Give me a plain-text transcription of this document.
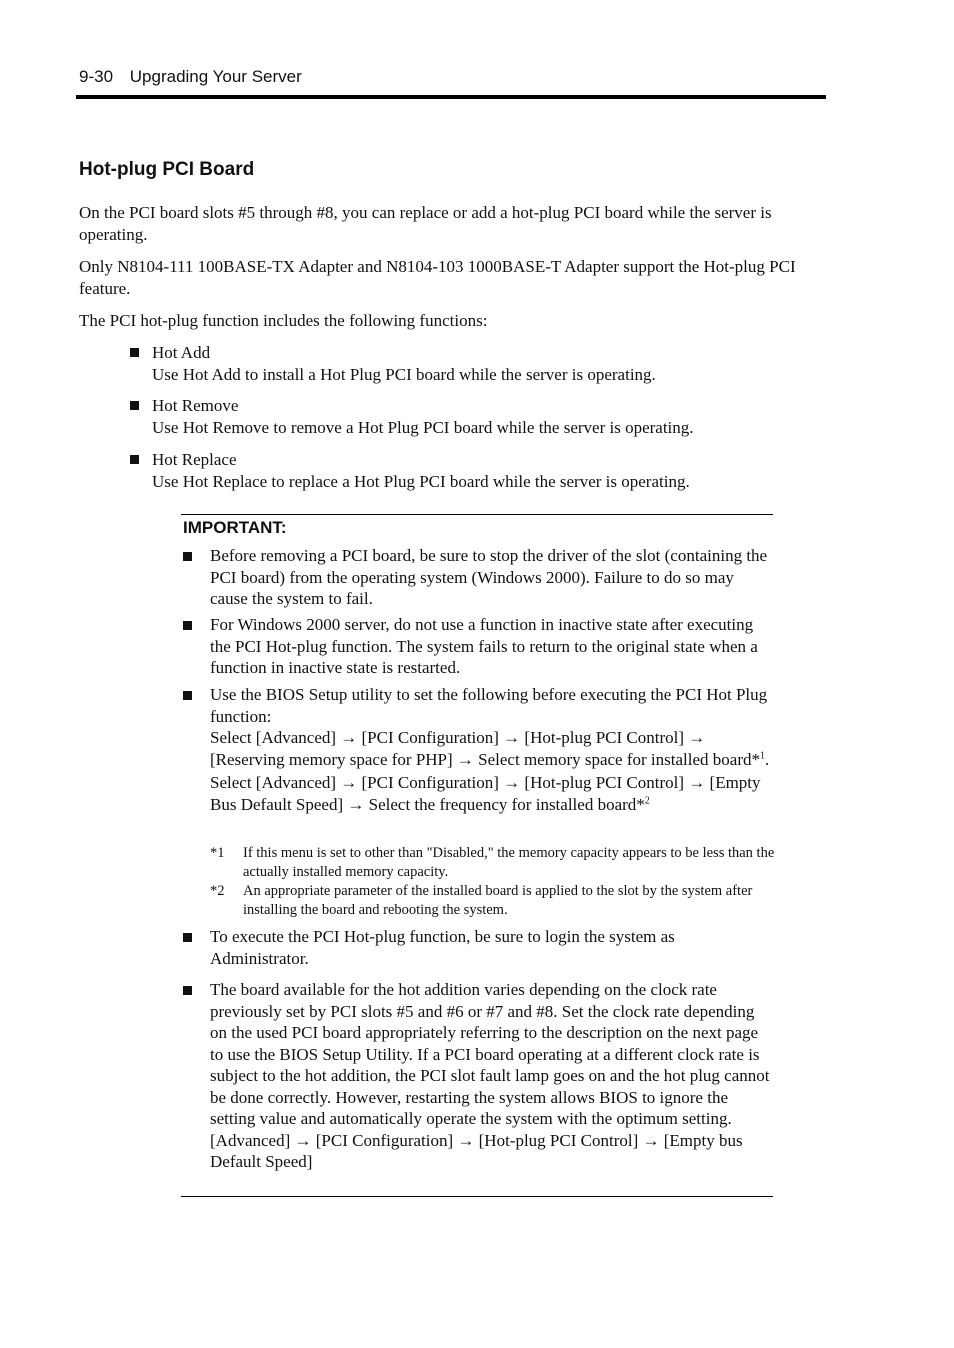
9-30 Upgrading Your Server
Hot-plug PCI Board

On the PCI board slots #5 through #8, you can replace or add a hot-plug PCI board while the server is operating.

Only N8104-111 100BASE-TX Adapter and N8104-103 1000BASE-T Adapter support the Hot-plug PCI feature.

The PCI hot-plug function includes the following functions:

Hot Add
Use Hot Add to install a Hot Plug PCI board while the server is operating.
Hot Remove
Use Hot Remove to remove a Hot Plug PCI board while the server is operating.
Hot Replace
Use Hot Replace to replace a Hot Plug PCI board while the server is operating.
IMPORTANT:
Before removing a PCI board, be sure to stop the driver of the slot (containing the PCI board) from the operating system (Windows 2000). Failure to do so may cause the system to fail.
For Windows 2000 server, do not use a function in inactive state after executing the PCI Hot-plug function. The system fails to return to the original state when a function in inactive state is restarted.
Use the BIOS Setup utility to set the following before executing the PCI Hot Plug function:
Select [Advanced] → [PCI Configuration] → [Hot-plug PCI Control] → [Reserving memory space for PHP] → Select memory space for installed board*$^1$.
Select [Advanced] → [PCI Configuration] → [Hot-plug PCI Control] → [Empty Bus Default Speed] → Select the frequency for installed board*$^2$
*1 If this menu is set to other than "Disabled," the memory capacity appears to be less than the actually installed memory capacity.
*2 An appropriate parameter of the installed board is applied to the slot by the system after installing the board and rebooting the system.
To execute the PCI Hot-plug function, be sure to login the system as Administrator.
The board available for the hot addition varies depending on the clock rate previously set by PCI slots #5 and #6 or #7 and #8. Set the clock rate depending on the used PCI board appropriately referring to the description on the next page to use the BIOS Setup Utility. If a PCI board operating at a different clock rate is subject to the hot addition, the PCI slot fault lamp goes on and the hot plug cannot be done correctly. However, restarting the system allows BIOS to ignore the setting value and automatically operate the system with the optimum setting.
[Advanced] → [PCI Configuration] → [Hot-plug PCI Control] → [Empty bus Default Speed]
